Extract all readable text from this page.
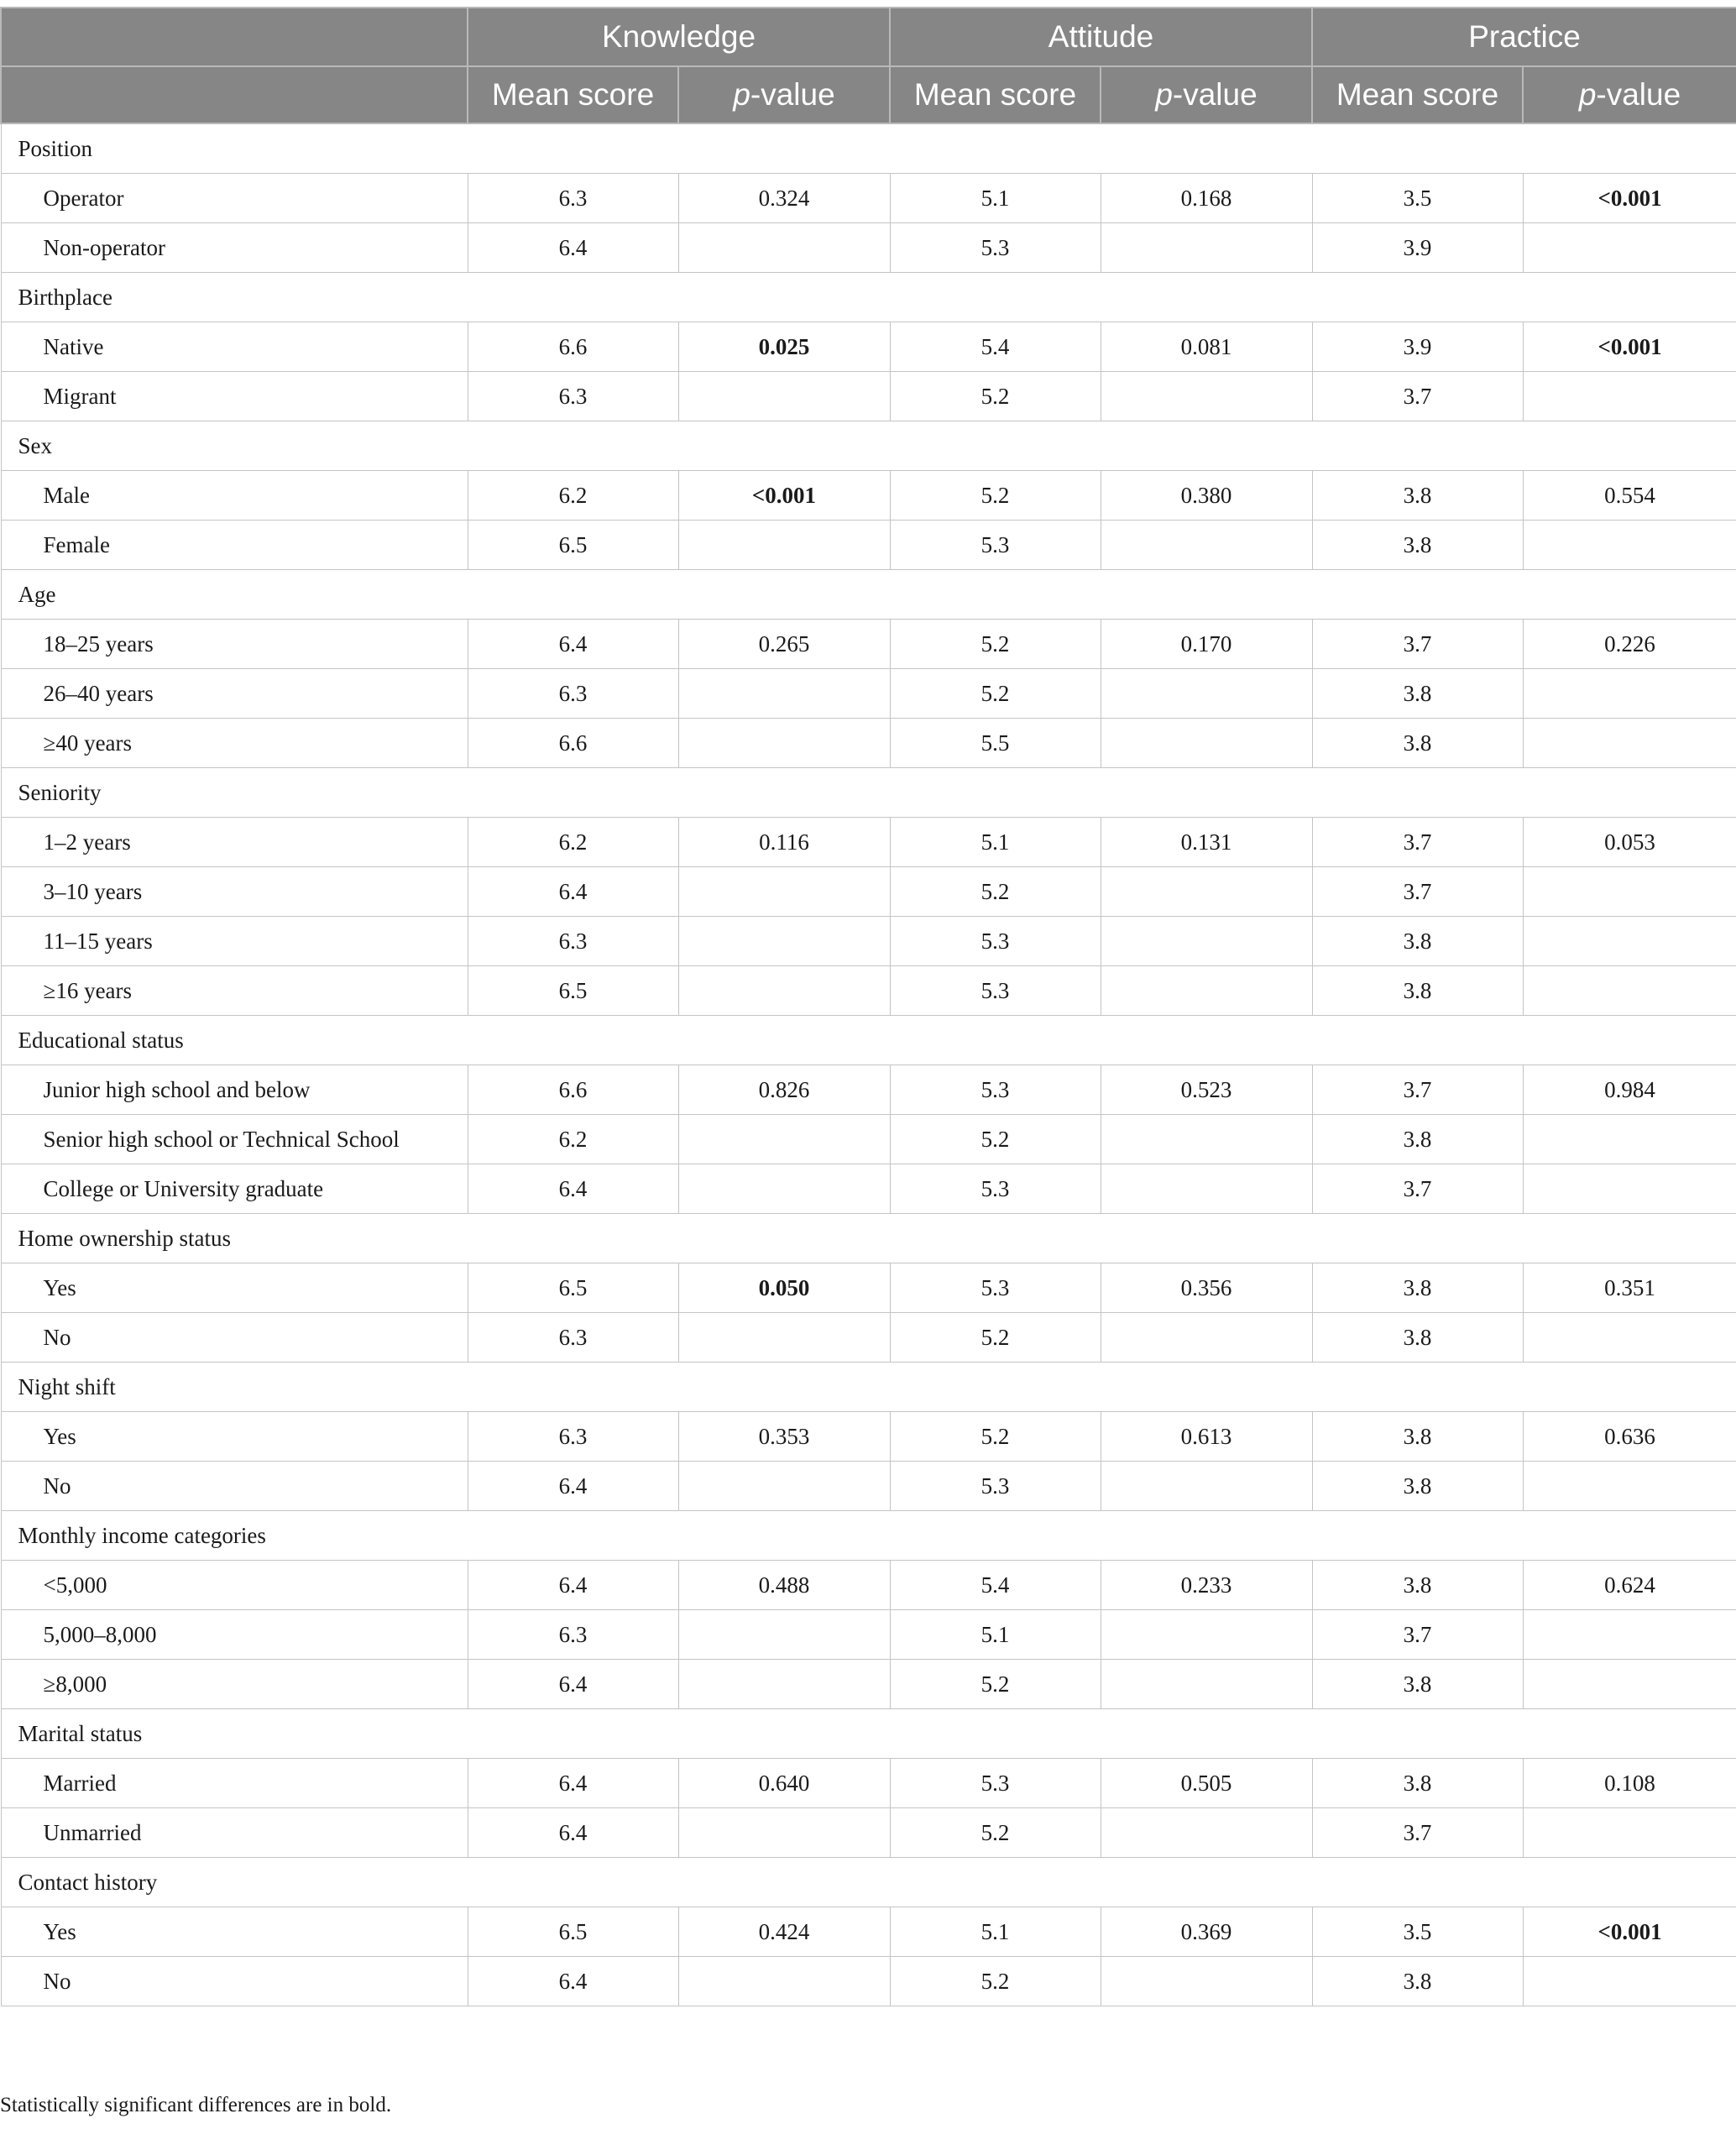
	Knowledge		Attitude		Practice	
	Mean score	p-value	Mean score	p-value	Mean score	p-value
Position						
Operator	6.3	0.324	5.1	0.168	3.5	<0.001
Non-operator	6.4		5.3		3.9	
Birthplace						
Native	6.6	0.025	5.4	0.081	3.9	<0.001
Migrant	6.3		5.2		3.7	
Sex						
Male	6.2	<0.001	5.2	0.380	3.8	0.554
Female	6.5		5.3		3.8	
Age						
18–25 years	6.4	0.265	5.2	0.170	3.7	0.226
26–40 years	6.3		5.2		3.8	
≥40 years	6.6		5.5		3.8	
Seniority						
1–2 years	6.2	0.116	5.1	0.131	3.7	0.053
3–10 years	6.4		5.2		3.7	
11–15 years	6.3		5.3		3.8	
≥16 years	6.5		5.3		3.8	
Educational status						
Junior high school and below	6.6	0.826	5.3	0.523	3.7	0.984
Senior high school or Technical School	6.2		5.2		3.8	
College or University graduate	6.4		5.3		3.7	
Home ownership status						
Yes	6.5	0.050	5.3	0.356	3.8	0.351
No	6.3		5.2		3.8	
Night shift						
Yes	6.3	0.353	5.2	0.613	3.8	0.636
No	6.4		5.3		3.8	
Monthly income categories						
<5,000	6.4	0.488	5.4	0.233	3.8	0.624
5,000–8,000	6.3		5.1		3.7	
≥8,000	6.4		5.2		3.8	
Marital status						
Married	6.4	0.640	5.3	0.505	3.8	0.108
Unmarried	6.4		5.2		3.7	
Contact history						
Yes	6.5	0.424	5.1	0.369	3.5	<0.001
No	6.4		5.2		3.8	
Statistically significant differences are in bold.
